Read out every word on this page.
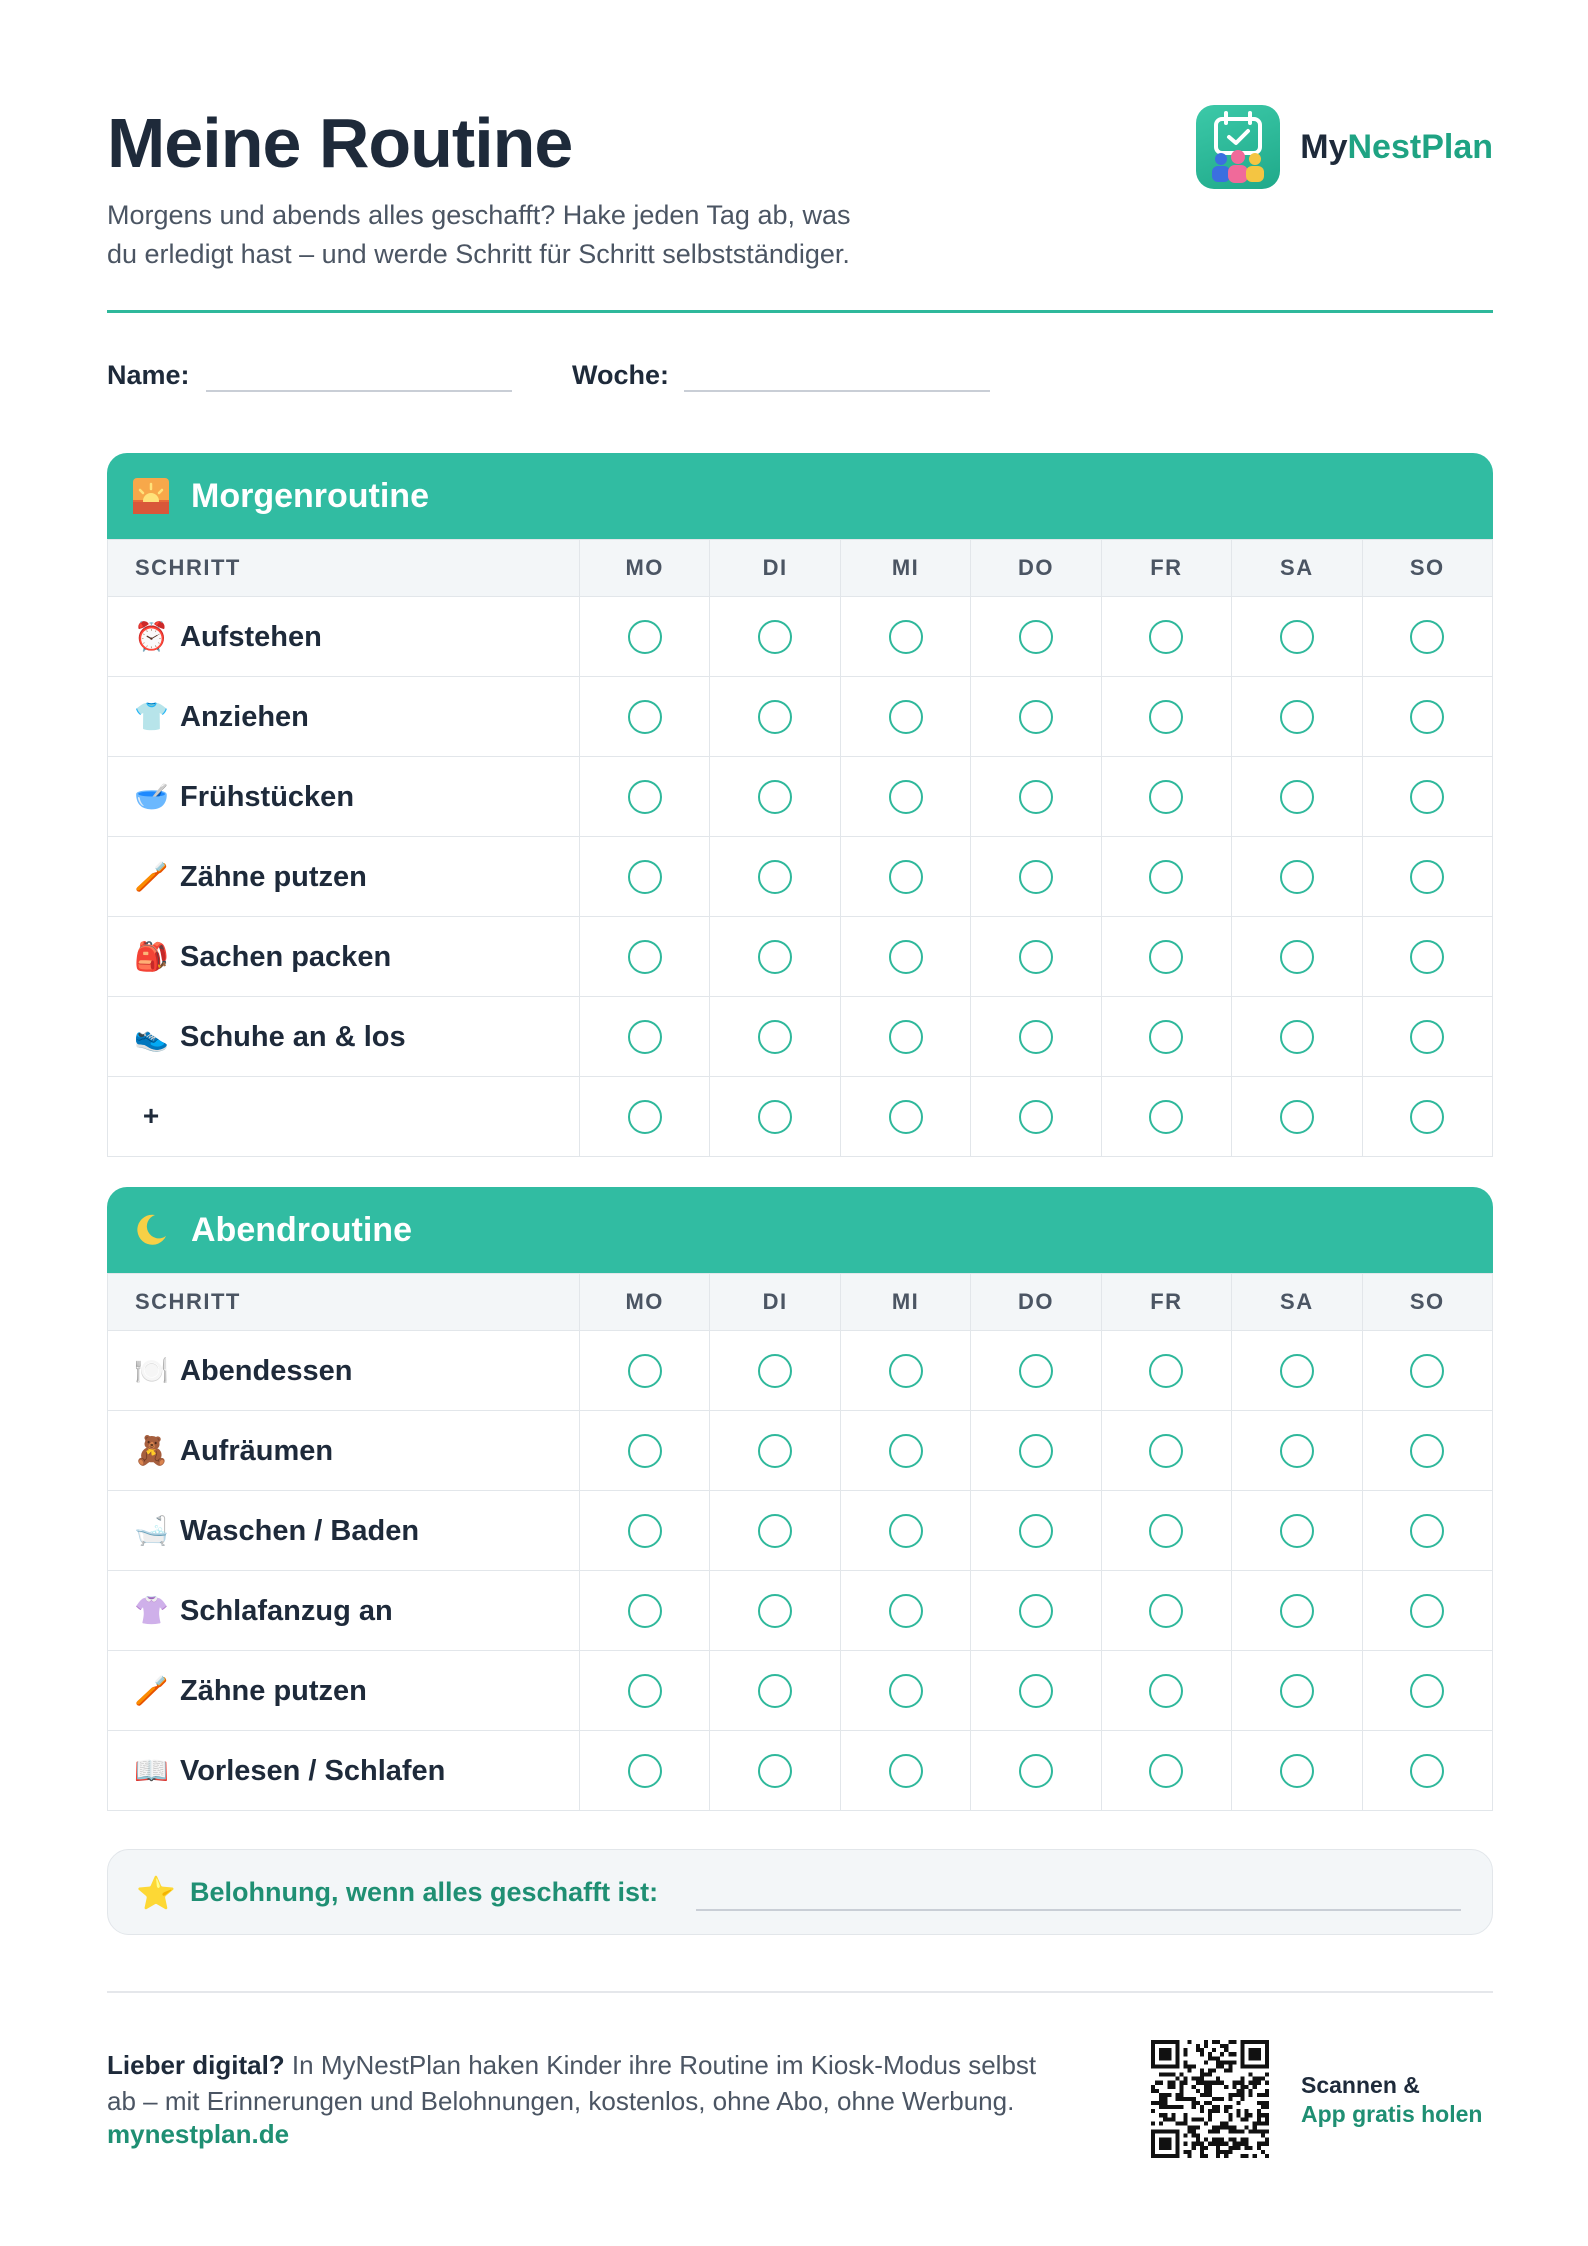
Meine Routine
Morgens und abends alles geschafft? Hake jeden Tag ab, was
du erledigt hast – und werde Schritt für Schritt selbstständiger.
MyNestPlan
Name:	Woche:
Morgenroutine
SCHRITT	MO	DI	MI	DO	FR	SA	SO
⏰ Aufstehen							
👕 Anziehen							
🥣 Frühstücken							
🪥 Zähne putzen							
🎒 Sachen packen							
👟 Schuhe an & los							
+							
Abendroutine
SCHRITT	MO	DI	MI	DO	FR	SA	SO
🍽️ Abendessen							
🧸 Aufräumen							
🛁 Waschen / Baden							
👚 Schlafanzug an							
🪥 Zähne putzen							
📖 Vorlesen / Schlafen							
⭐ Belohnung, wenn alles geschafft ist:
Lieber digital? In MyNestPlan haken Kinder ihre Routine im Kiosk-Modus selbst
ab – mit Erinnerungen und Belohnungen, kostenlos, ohne Abo, ohne Werbung.
mynestplan.de
Scannen &
App gratis holen
